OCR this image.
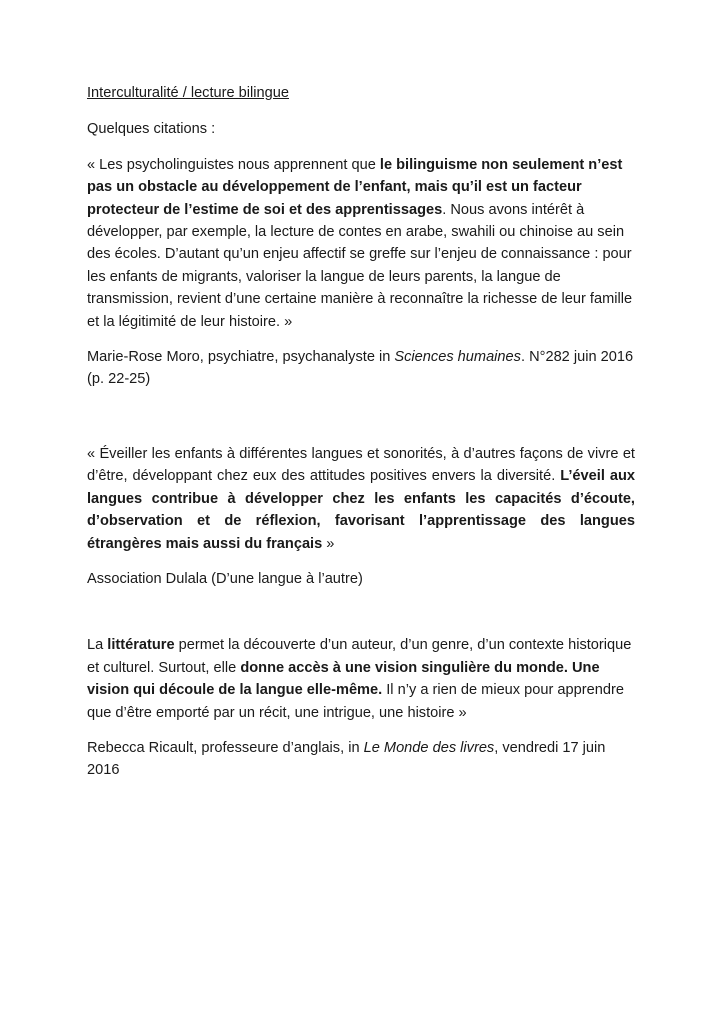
Interculturalité / lecture bilingue

Quelques citations :

« Les psycholinguistes nous apprennent que le bilinguisme non seulement n’est pas un obstacle au développement de l’enfant, mais qu’il est un facteur protecteur de l’estime de soi et des apprentissages. Nous avons intérêt à développer, par exemple, la lecture de contes en arabe, swahili ou chinoise au sein des écoles. D’autant qu’un enjeu affectif se greffe sur l’enjeu de connaissance : pour les enfants de migrants, valoriser la langue de leurs parents, la langue de transmission, revient d’une certaine manière à reconnaître la richesse de leur famille et la légitimité de leur histoire. »

Marie-Rose Moro, psychiatre, psychanalyste in Sciences humaines. N°282 juin 2016 (p. 22-25)

« Éveiller les enfants à différentes langues et sonorités, à d’autres façons de vivre et d’être, développant chez eux des attitudes positives envers la diversité. L’éveil aux langues contribue à développer chez les enfants les capacités d’écoute, d’observation et de réflexion, favorisant l’apprentissage des langues étrangères mais aussi du français »

Association Dulala (D’une langue à l’autre)

La littérature permet la découverte d’un auteur, d’un genre, d’un contexte historique et culturel. Surtout, elle donne accès à une vision singulière du monde. Une vision qui découle de la langue elle-même. Il n’y a rien de mieux pour apprendre que d’être emporté par un récit, une intrigue, une histoire »

Rebecca Ricault, professeure d’anglais, in Le Monde des livres, vendredi 17 juin 2016
